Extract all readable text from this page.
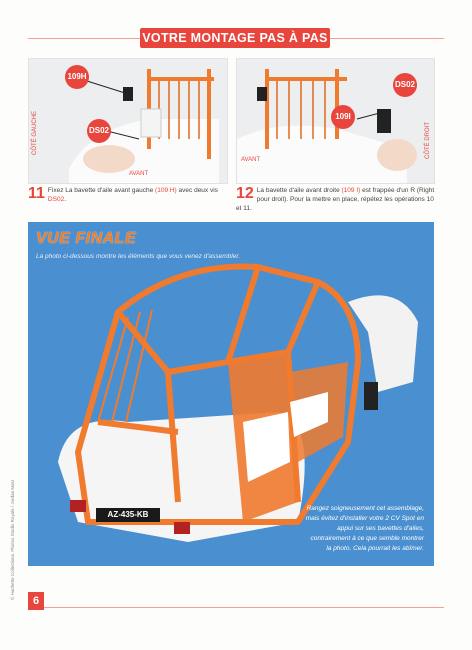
VOTRE MONTAGE PAS À PAS
109H
DS02
CÔTÉ GAUCHE
AVANT
DS02
109I
CÔTÉ DROIT
AVANT
11 Fixez La bavette d'aile avant gauche (109 H) avec deux vis DS02.	12 La bavette d'aile avant droite (109 I) est frappée d'un R (Right pour droit). Pour la mettre en place, répétez les opérations 10 et 11.
VUE FINALE
La photo ci-dessous montre les éléments que vous venez d'assembler.
AZ-435-KB
Rangez soigneusement cet assemblage, mais évitez d'installer votre 2 CV Spot en appui sur ses bavettes d'ailes, contrairement à ce que semble montrer la photo. Cela pourrait les abîmer.
© Hachette Collections. Photos Studio Royale / Jordan Marz
6
